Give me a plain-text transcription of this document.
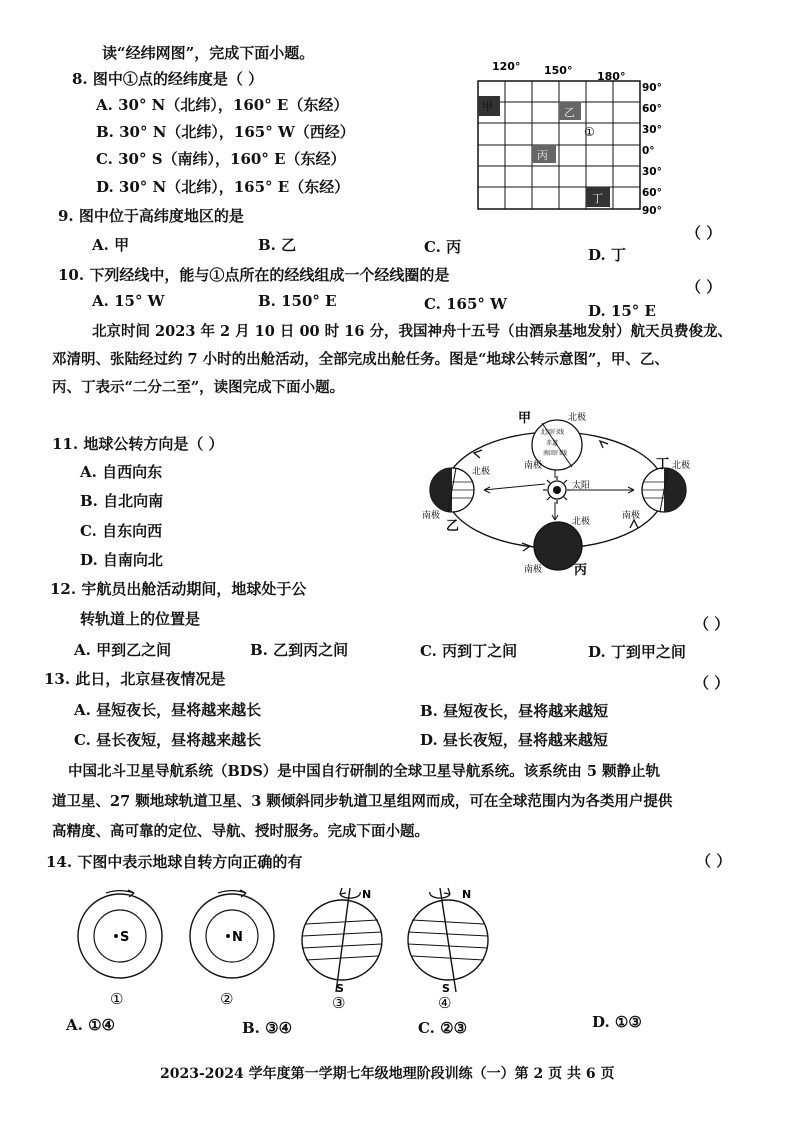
读“经纬网图”，完成下面小题。
8. 图中①点的经纬度是（ ）
A. 30° N（北纬），160° E（东经）
B. 30° N（北纬），165° W（西经）
C. 30° S（南纬），160° E（东经）
D. 30° N（北纬），165° E（东经）
120° 150° 180°
甲	乙
丙
丁
①
90°
60°
30°
0°
30°
60°
90°
9. 图中位于高纬度地区的是
（ ）
A. 甲	B. 乙	C. 丙	D. 丁
10. 下列经线中，能与①点所在的经线组成一个经线圈的是
（ ）
A. 15° W	B. 150° E	C. 165° W	D. 15° E
北京时间 2023 年 2 月 10 日 00 时 16 分，我国神舟十五号（由酒泉基地发射）航天员费俊龙、
邓清明、张陆经过约 7 小时的出舱活动，全部完成出舱任务。图是“地球公转示意图”，甲、乙、
丙、丁表示“二分二至”，读图完成下面小题。
太阳
北回归线
赤道
南回归线
甲	北极
南极
北极
南极
乙	北极
南极 丙
丁 北极
南极
11. 地球公转方向是（ ）
A. 自西向东
B. 自北向南
C. 自东向西
D. 自南向北
12. 宇航员出舱活动期间，地球处于公
转轨道上的位置是	（ ）
A. 甲到乙之间	B. 乙到丙之间	C. 丙到丁之间	D. 丁到甲之间
13. 此日，北京昼夜情况是	（ ）
A. 昼短夜长，昼将越来越长	B. 昼短夜长，昼将越来越短
C. 昼长夜短，昼将越来越长	D. 昼长夜短，昼将越来越短
中国北斗卫星导航系统（BDS）是中国自行研制的全球卫星导航系统。该系统由 5 颗静止轨
道卫星、27 颗地球轨道卫星、3 颗倾斜同步轨道卫星组网而成，可在全球范围内为各类用户提供
高精度、高可靠的定位、导航、授时服务。完成下面小题。
14. 下图中表示地球自转方向正确的有	（ ）
S
①
N
②
N
S
③
N
S
④
A. ①④	B. ③④	C. ②③	D. ①③
2023-2024 学年度第一学期七年级地理阶段训练（一）第 2 页 共 6 页
